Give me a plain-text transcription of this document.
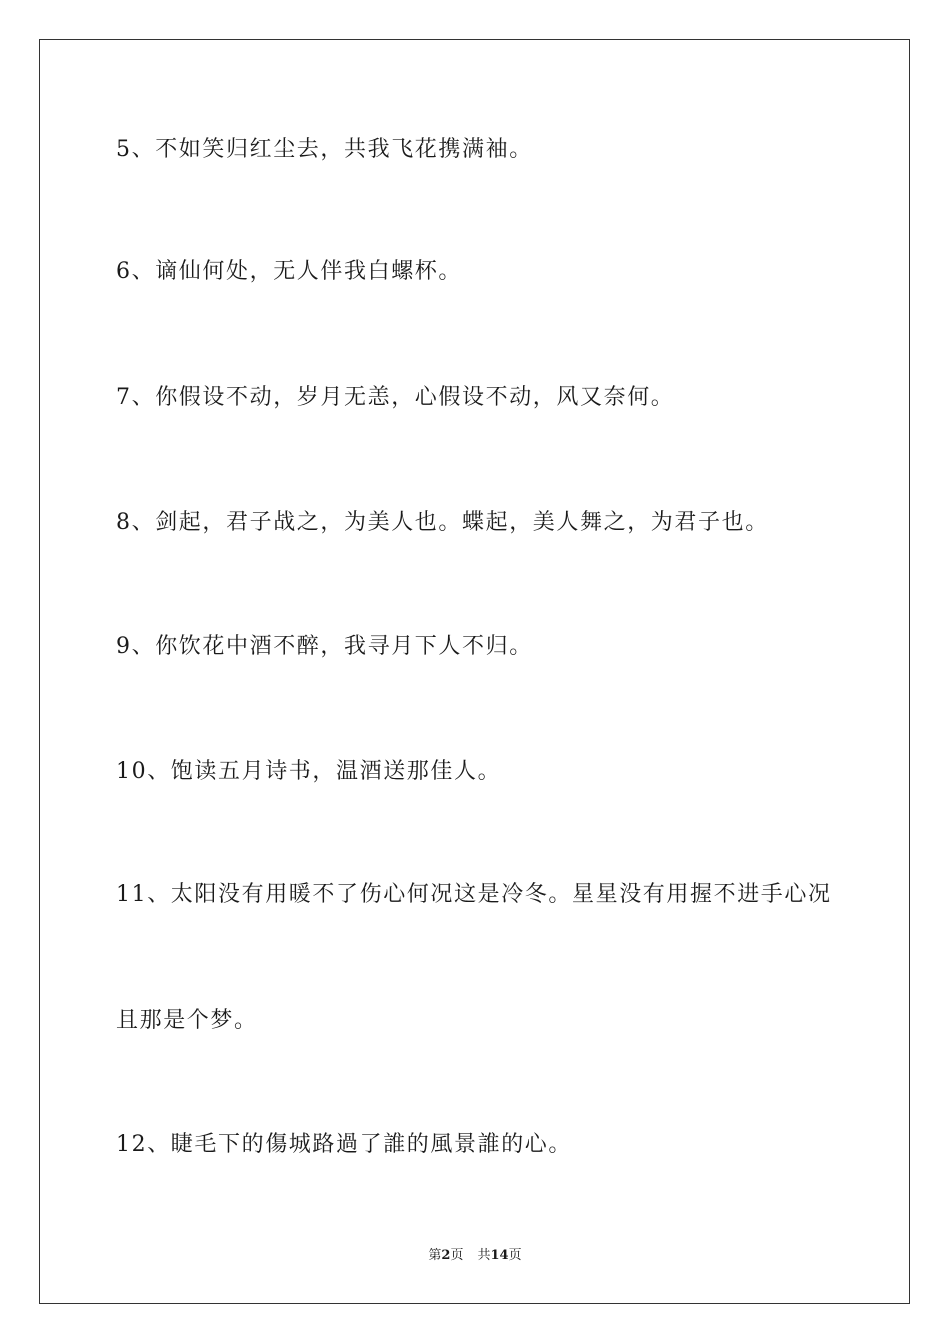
5、不如笑归红尘去，共我飞花携满袖。

6、谪仙何处，无人伴我白螺杯。

7、你假设不动，岁月无恙，心假设不动，风又奈何。

8、剑起，君子战之，为美人也。蝶起，美人舞之，为君子也。

9、你饮花中酒不醉，我寻月下人不归。

10、饱读五月诗书，温酒送那佳人。

11、太阳没有用暖不了伤心何况这是冷冬。星星没有用握不进手心况

且那是个梦。

12、睫毛下的傷城路過了誰的風景誰的心。

第2页 共14页
